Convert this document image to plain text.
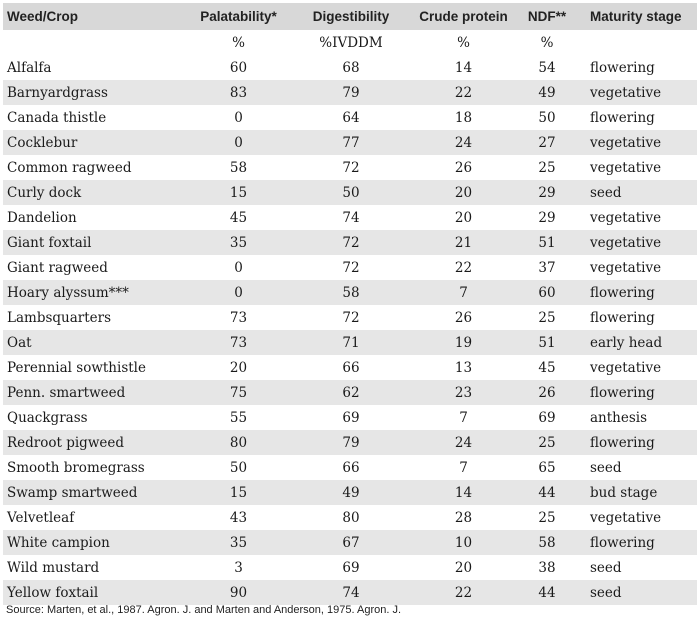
Weed/Crop	Palatability*	Digestibility	Crude protein	NDF**	Maturity stage
	%	%IVDDM	%	%	
Alfalfa	60	68	14	54	flowering
Barnyardgrass	83	79	22	49	vegetative
Canada thistle	0	64	18	50	flowering
Cocklebur	0	77	24	27	vegetative
Common ragweed	58	72	26	25	vegetative
Curly dock	15	50	20	29	seed
Dandelion	45	74	20	29	vegetative
Giant foxtail	35	72	21	51	vegetative
Giant ragweed	0	72	22	37	vegetative
Hoary alyssum***	0	58	7	60	flowering
Lambsquarters	73	72	26	25	flowering
Oat	73	71	19	51	early head
Perennial sowthistle	20	66	13	45	vegetative
Penn. smartweed	75	62	23	26	flowering
Quackgrass	55	69	7	69	anthesis
Redroot pigweed	80	79	24	25	flowering
Smooth bromegrass	50	66	7	65	seed
Swamp smartweed	15	49	14	44	bud stage
Velvetleaf	43	80	28	25	vegetative
White campion	35	67	10	58	flowering
Wild mustard	3	69	20	38	seed
Yellow foxtail	90	74	22	44	seed
Source: Marten, et al., 1987. Agron. J. and Marten and Anderson, 1975. Agron. J.
